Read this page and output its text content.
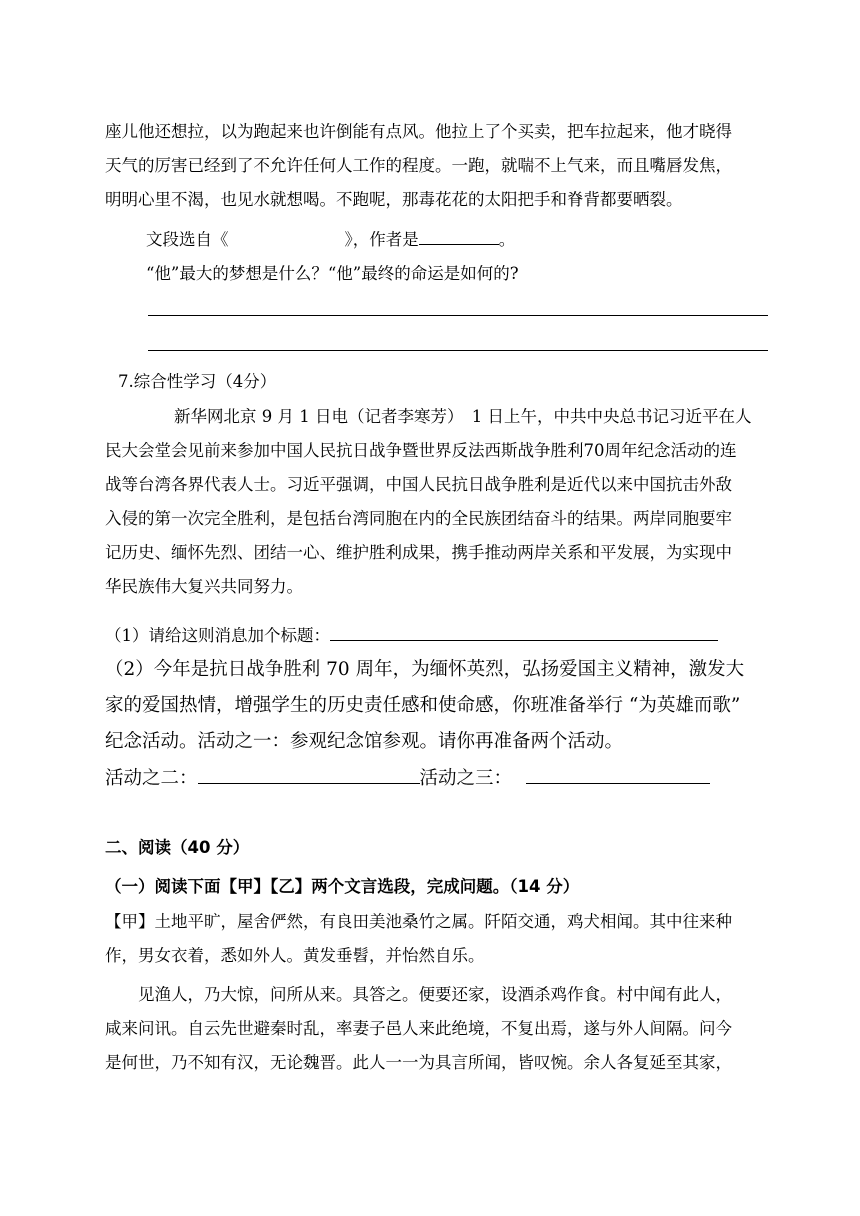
座儿他还想拉，以为跑起来也许倒能有点风。他拉上了个买卖，把车拉起来，他才晓得
天气的厉害已经到了不允许任何人工作的程度。一跑，就喘不上气来，而且嘴唇发焦，
明明心里不渴，也见水就想喝。不跑呢，那毒花花的太阳把手和脊背都要晒裂。
文段选自《	》，作者是	。
“他”最大的梦想是什么？“他”最终的命运是如何的?
7.综合性学习（4分）
新华网北京 9 月 1 日电（记者李寒芳）　1 日上午，中共中央总书记习近平在人
民大会堂会见前来参加中国人民抗日战争暨世界反法西斯战争胜利70周年纪念活动的连
战等台湾各界代表人士。习近平强调，中国人民抗日战争胜利是近代以来中国抗击外敌
入侵的第一次完全胜利，是包括台湾同胞在内的全民族团结奋斗的结果。两岸同胞要牢
记历史、缅怀先烈、团结一心、维护胜利成果，携手推动两岸关系和平发展，为实现中
华民族伟大复兴共同努力。
（1）请给这则消息加个标题：
（2）今年是抗日战争胜利 70 周年，为缅怀英烈，弘扬爱国主义精神，激发大
家的爱国热情，增强学生的历史责任感和使命感，你班准备举行 “为英雄而歌”
纪念活动。活动之一：参观纪念馆参观。请你再准备两个活动。
活动之二：	活动之三：
二、阅读（40 分）
（一）阅读下面【甲】【乙】两个文言选段，完成问题。（14 分）
【甲】土地平旷，屋舍俨然，有良田美池桑竹之属。阡陌交通，鸡犬相闻。其中往来种
作，男女衣着，悉如外人。黄发垂髫，并怡然自乐。
见渔人，乃大惊，问所从来。具答之。便要还家，设酒杀鸡作食。村中闻有此人，
咸来问讯。自云先世避秦时乱，率妻子邑人来此绝境，不复出焉，遂与外人间隔。问今
是何世，乃不知有汉，无论魏晋。此人一一为具言所闻，皆叹惋。余人各复延至其家，
